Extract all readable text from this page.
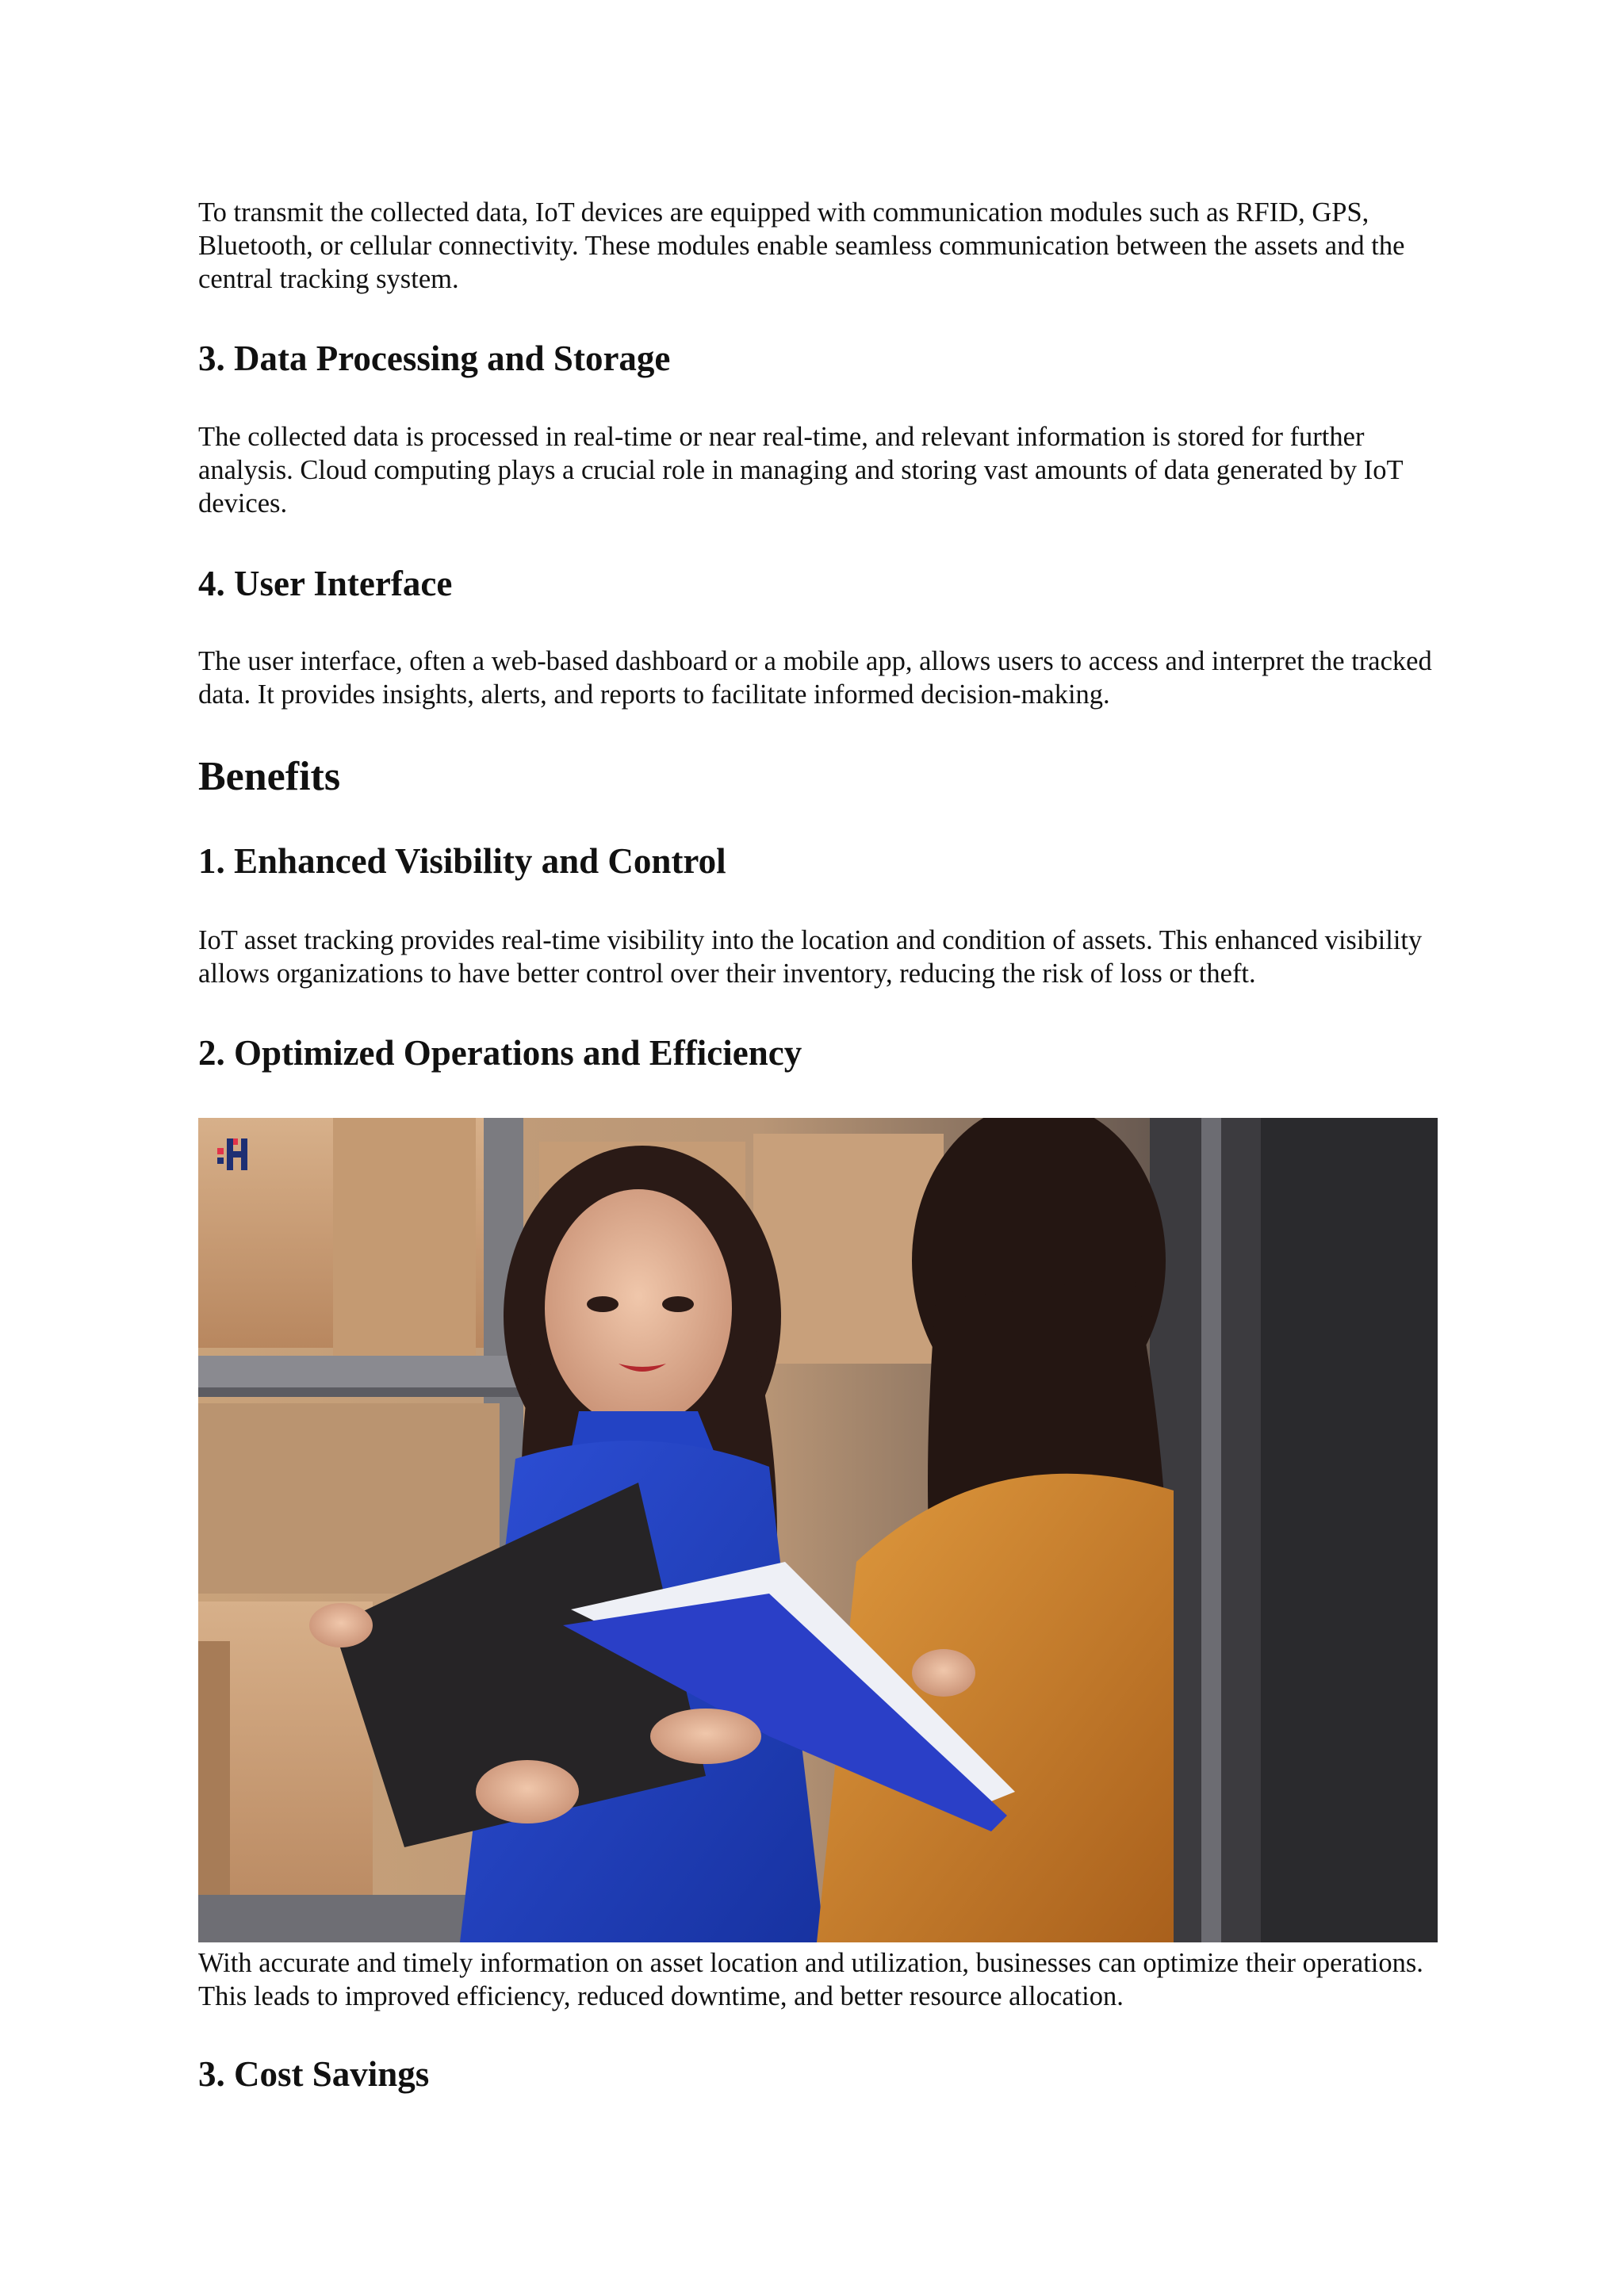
To transmit the collected data, IoT devices are equipped with communication modules such as RFID, GPS, Bluetooth, or cellular connectivity. These modules enable seamless communication between the assets and the central tracking system.

3. Data Processing and Storage

The collected data is processed in real-time or near real-time, and relevant information is stored for further analysis. Cloud computing plays a crucial role in managing and storing vast amounts of data generated by IoT devices.

4. User Interface

The user interface, often a web-based dashboard or a mobile app, allows users to access and interpret the tracked data. It provides insights, alerts, and reports to facilitate informed decision-making.

Benefits
1. Enhanced Visibility and Control

IoT asset tracking provides real-time visibility into the location and condition of assets. This enhanced visibility allows organizations to have better control over their inventory, reducing the risk of loss or theft.

2. Optimized Operations and Efficiency

With accurate and timely information on asset location and utilization, businesses can optimize their operations. This leads to improved efficiency, reduced downtime, and better resource allocation.

3. Cost Savings
